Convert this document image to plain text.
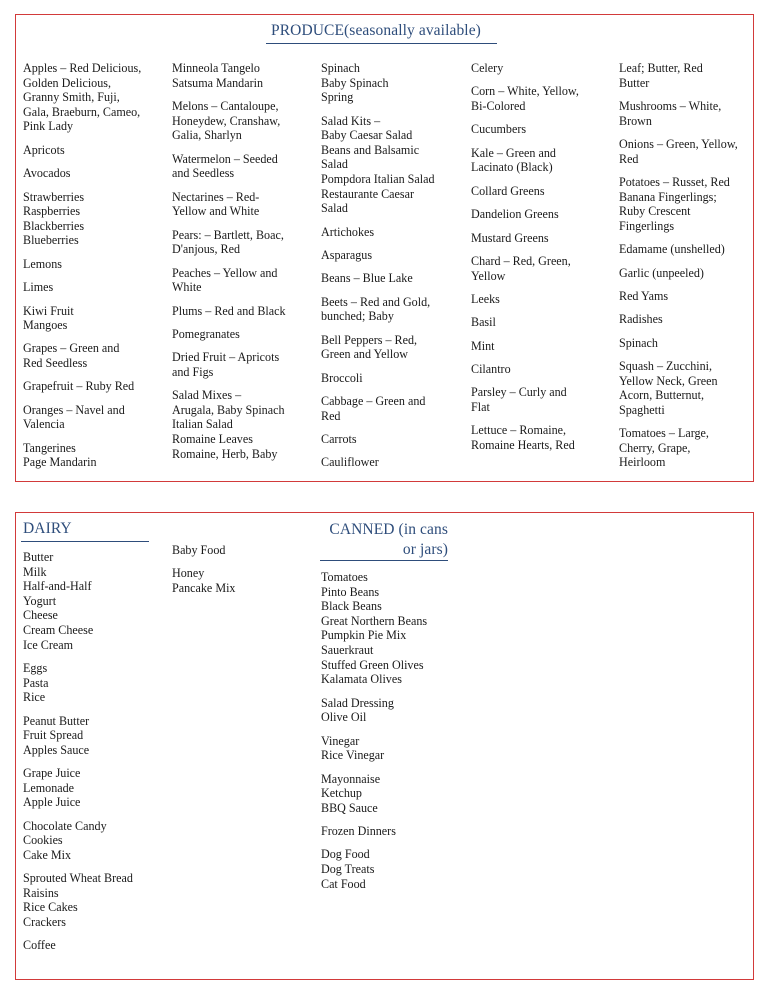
PRODUCE(seasonally available)
Apples – Red Delicious,
Golden Delicious,
Granny Smith, Fuji,
Gala, Braeburn, Cameo,
Pink Lady
Apricots
Avocados
Strawberries
Raspberries
Blackberries
Blueberries
Lemons
Limes
Kiwi Fruit
Mangoes
Grapes – Green and
Red Seedless
Grapefruit – Ruby Red
Oranges – Navel and
Valencia
Tangerines
Page Mandarin
Minneola Tangelo
Satsuma Mandarin
Melons – Cantaloupe,
Honeydew, Cranshaw,
Galia, Sharlyn
Watermelon – Seeded
and Seedless
Nectarines – Red-
Yellow and White
Pears: – Bartlett, Boac,
D'anjous, Red
Peaches – Yellow and
White
Plums – Red and Black
Pomegranates
Dried Fruit – Apricots
and Figs
Salad Mixes –
Arugala, Baby Spinach
Italian Salad
Romaine Leaves
Romaine, Herb, Baby
Spinach
Baby Spinach
Spring
Salad Kits –
Baby Caesar Salad
Beans and Balsamic
Salad
Pompdora Italian Salad
Restaurante Caesar
Salad
Artichokes
Asparagus
Beans – Blue Lake
Beets – Red and Gold,
bunched; Baby
Bell Peppers – Red,
Green and Yellow
Broccoli
Cabbage – Green and
Red
Carrots
Cauliflower
Celery
Corn – White, Yellow,
Bi-Colored
Cucumbers
Kale – Green and
Lacinato (Black)
Collard Greens
Dandelion Greens
Mustard Greens
Chard – Red, Green,
Yellow
Leeks
Basil
Mint
Cilantro
Parsley – Curly and
Flat
Lettuce – Romaine,
Romaine Hearts, Red
Leaf; Butter, Red
Butter
Mushrooms – White,
Brown
Onions – Green, Yellow,
Red
Potatoes – Russet, Red
Banana Fingerlings;
Ruby Crescent
Fingerlings
Edamame (unshelled)
Garlic (unpeeled)
Red Yams
Radishes
Spinach
Squash – Zucchini,
Yellow Neck, Green
Acorn, Butternut,
Spaghetti
Tomatoes – Large,
Cherry, Grape,
Heirloom
DAIRY
Butter
Milk
Half-and-Half
Yogurt
Cheese
Cream Cheese
Ice Cream
Eggs
Pasta
Rice
Peanut Butter
Fruit Spread
Apples Sauce
Grape Juice
Lemonade
Apple Juice
Chocolate Candy
Cookies
Cake Mix
Sprouted Wheat Bread
Raisins
Rice Cakes
Crackers
Coffee
Baby Food
Honey
Pancake Mix
CANNED (in cans
or jars)
Tomatoes
Pinto Beans
Black Beans
Great Northern Beans
Pumpkin Pie Mix
Sauerkraut
Stuffed Green Olives
Kalamata Olives
Salad Dressing
Olive Oil
Vinegar
Rice Vinegar
Mayonnaise
Ketchup
BBQ Sauce
Frozen Dinners
Dog Food
Dog Treats
Cat Food
